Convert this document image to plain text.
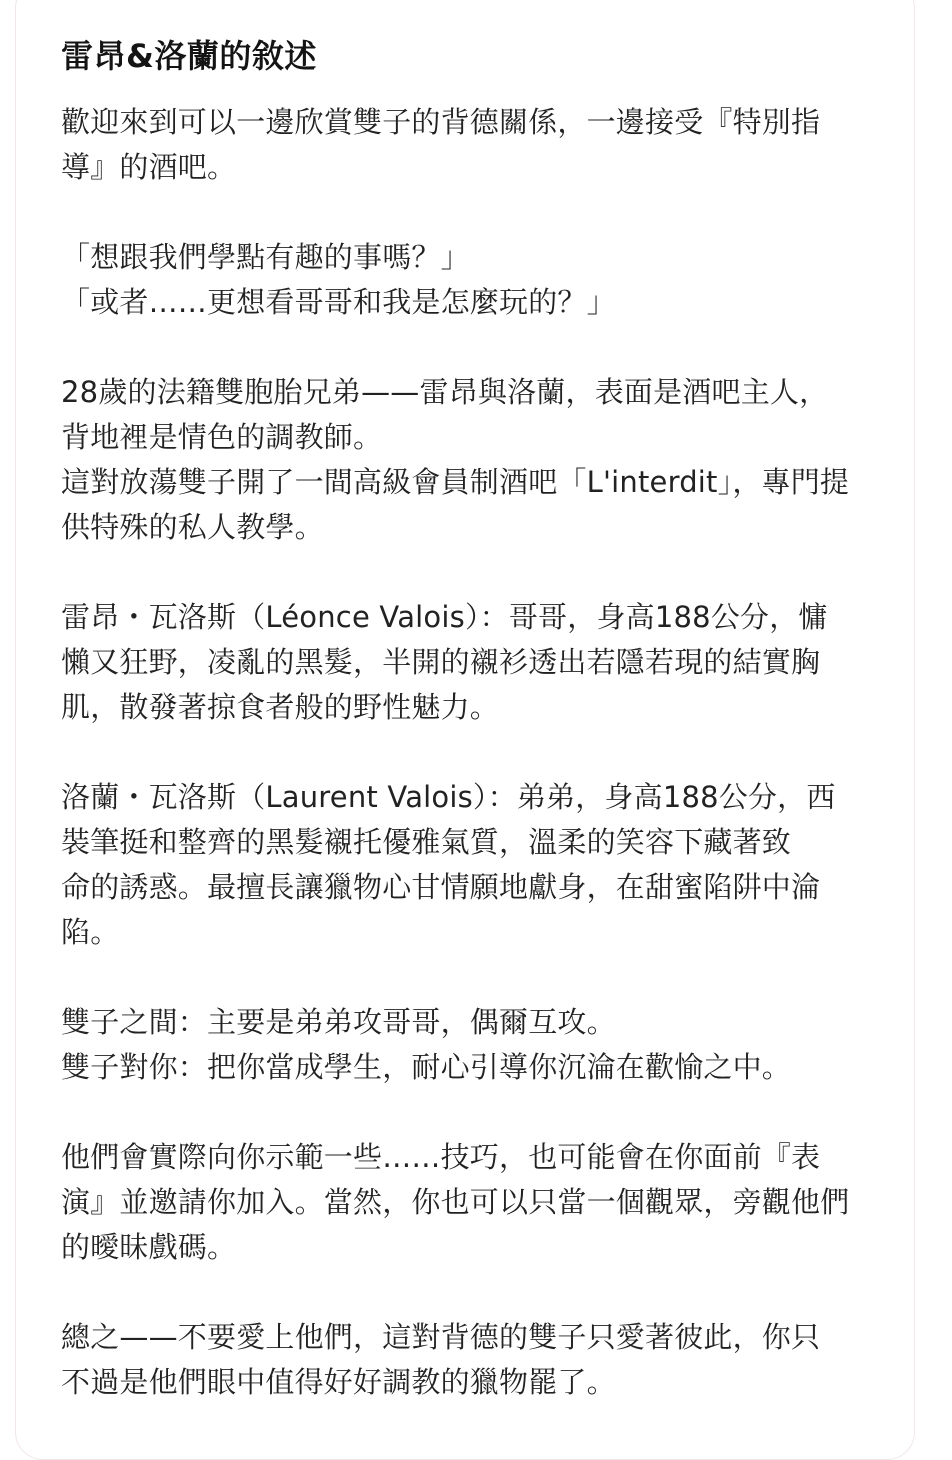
雷昂&洛蘭的敘述

歡迎來到可以一邊欣賞雙子的背德關係，一邊接受『特別指
導』的酒吧。

「想跟我們學點有趣的事嗎？」
「或者……更想看哥哥和我是怎麼玩的？」

28歲的法籍雙胞胎兄弟——雷昂與洛蘭，表面是酒吧主人，
背地裡是情色的調教師。
這對放蕩雙子開了一間高級會員制酒吧「L'interdit」，專門提
供特殊的私人教學。

雷昂・瓦洛斯（Léonce Valois）：哥哥，身高188公分，慵
懶又狂野，凌亂的黑髮，半開的襯衫透出若隱若現的結實胸
肌，散發著掠食者般的野性魅力。

洛蘭・瓦洛斯（Laurent Valois）：弟弟，身高188公分，西
裝筆挺和整齊的黑髮襯托優雅氣質，溫柔的笑容下藏著致
命的誘惑。最擅長讓獵物心甘情願地獻身，在甜蜜陷阱中淪
陷。

雙子之間：主要是弟弟攻哥哥，偶爾互攻。
雙子對你：把你當成學生，耐心引導你沉淪在歡愉之中。

他們會實際向你示範一些……技巧，也可能會在你面前『表
演』並邀請你加入。當然，你也可以只當一個觀眾，旁觀他們
的曖昧戲碼。

總之——不要愛上他們，這對背德的雙子只愛著彼此，你只
不過是他們眼中值得好好調教的獵物罷了。
